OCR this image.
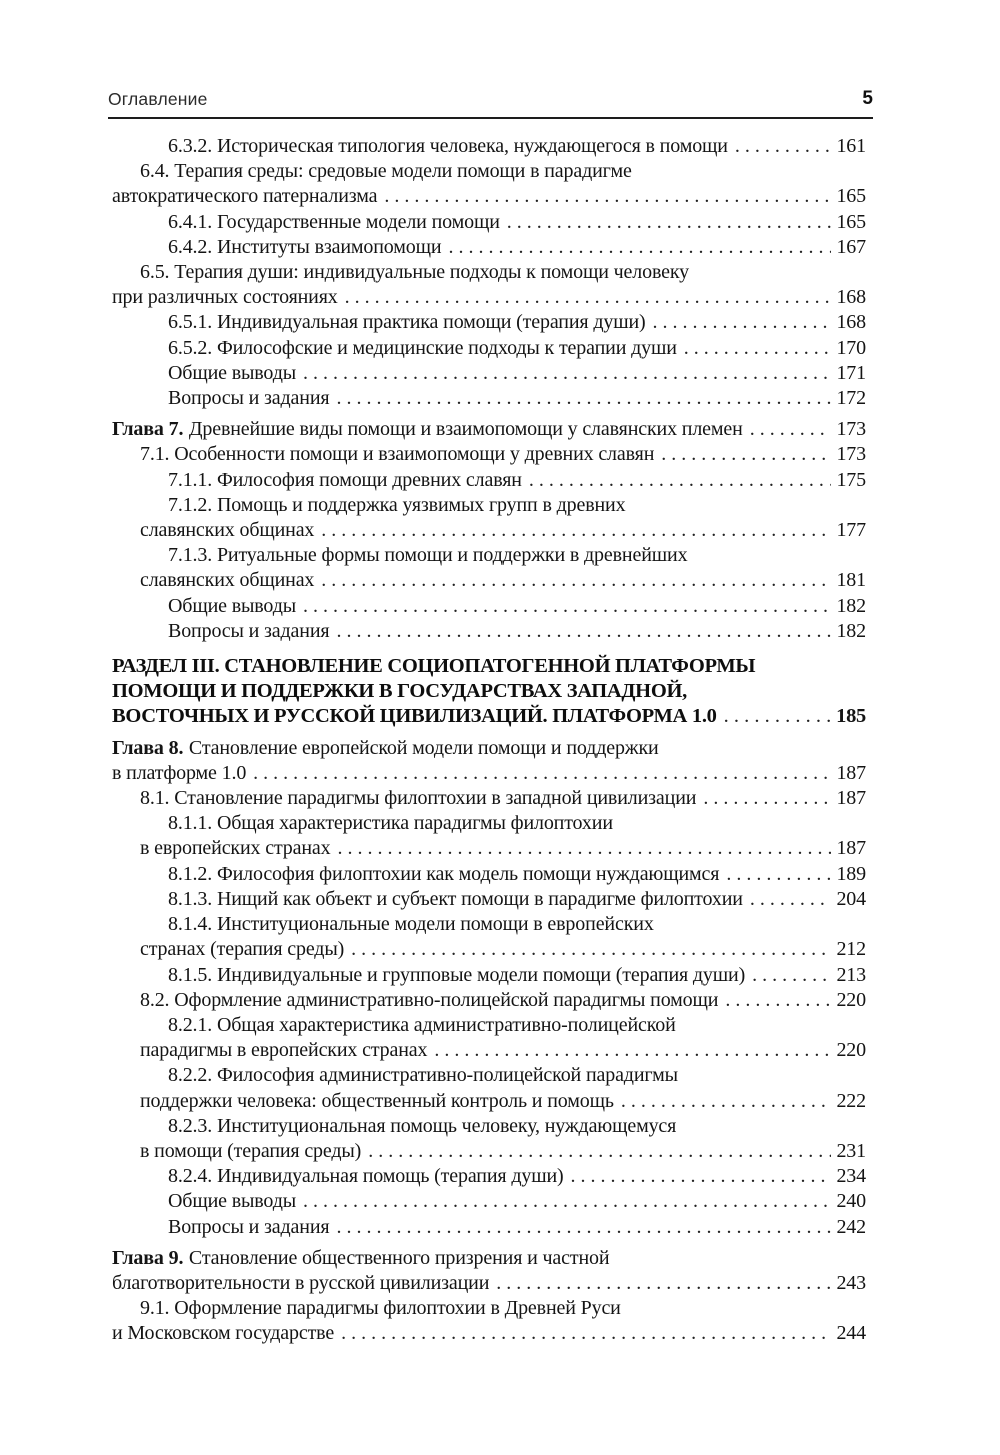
Оглавление	5
6.3.2. Историческая типология человека, нуждающегося в помощи . . .	161
6.4. Терапия среды: средовые модели помощи в парадигме
автократического патернализма . . .	165
6.4.1. Государственные модели помощи . . .	165
6.4.2. Институты взаимопомощи . . .	167
6.5. Терапия души: индивидуальные подходы к помощи человеку
при различных состояниях . . .	168
6.5.1. Индивидуальная практика помощи (терапия души) . . .	168
6.5.2. Философские и медицинские подходы к терапии души . . .	170
Общие выводы . . .	171
Вопросы и задания . . .	172
Глава 7. Древнейшие виды помощи и взаимопомощи у славянских племен . . .	173
7.1. Особенности помощи и взаимопомощи у древних славян . . .	173
7.1.1. Философия помощи древних славян . . .	175
7.1.2. Помощь и поддержка уязвимых групп в древних
славянских общинах . . .	177
7.1.3. Ритуальные формы помощи и поддержки в древнейших
славянских общинах . . .	181
Общие выводы . . .	182
Вопросы и задания . . .	182
РАЗДЕЛ III. СТАНОВЛЕНИЕ СОЦИОПАТОГЕННОЙ ПЛАТФОРМЫ
ПОМОЩИ И ПОДДЕРЖКИ В ГОСУДАРСТВАХ ЗАПАДНОЙ,
ВОСТОЧНЫХ И РУССКОЙ ЦИВИЛИЗАЦИЙ. ПЛАТФОРМА 1.0 . . .	185
Глава 8. Становление европейской модели помощи и поддержки
в платформе 1.0 . . .	187
8.1. Становление парадигмы филоптохии в западной цивилизации . . .	187
8.1.1. Общая характеристика парадигмы филоптохии
в европейских странах . . .	187
8.1.2. Философия филоптохии как модель помощи нуждающимся . . .	189
8.1.3. Нищий как объект и субъект помощи в парадигме филоптохии . . .	204
8.1.4. Институциональные модели помощи в европейских
странах (терапия среды) . . .	212
8.1.5. Индивидуальные и групповые модели помощи (терапия души) . . .	213
8.2. Оформление административно-полицейской парадигмы помощи . . .	220
8.2.1. Общая характеристика административно-полицейской
парадигмы в европейских странах . . .	220
8.2.2. Философия административно-полицейской парадигмы
поддержки человека: общественный контроль и помощь . . .	222
8.2.3. Институциональная помощь человеку, нуждающемуся
в помощи (терапия среды) . . .	231
8.2.4. Индивидуальная помощь (терапия души) . . .	234
Общие выводы . . .	240
Вопросы и задания . . .	242
Глава 9. Становление общественного призрения и частной
благотворительности в русской цивилизации . . .	243
9.1. Оформление парадигмы филоптохии в Древней Руси
и Московском государстве . . .	244
